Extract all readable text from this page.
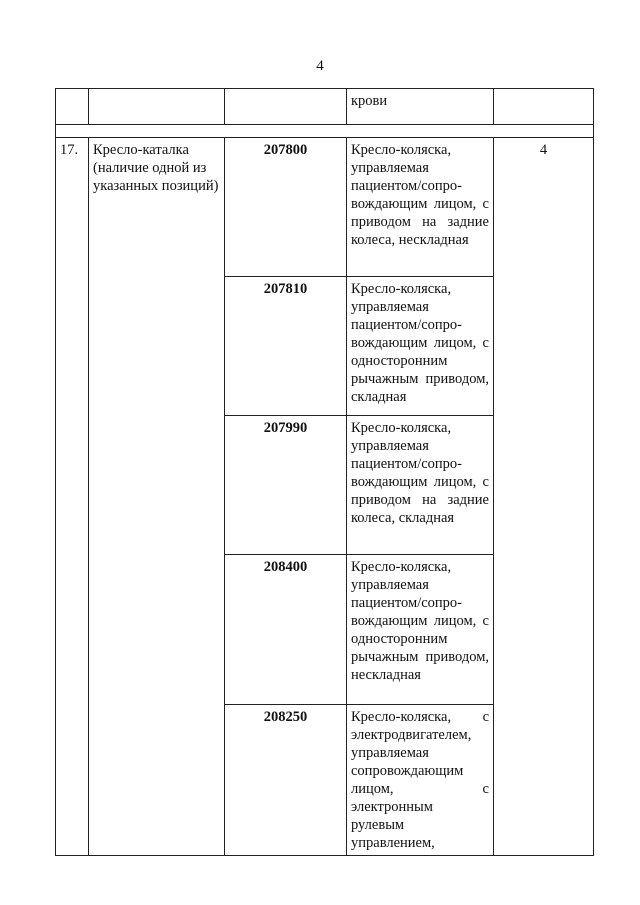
4
			крови	

17.	Кресло-каталка (наличие одной из указанных позиций)	207800	Кресло-коляска, управляемая пациентом/сопро-вождающим лицом, с приводом на задние колеса, нескладная	4
		207810	Кресло-коляска, управляемая пациентом/сопро-вождающим лицом, с односторонним рычажным приводом, складная	
		207990	Кресло-коляска, управляемая пациентом/сопро-вождающим лицом, с приводом на задние колеса, складная	
		208400	Кресло-коляска, управляемая пациентом/сопро-вождающим лицом, с односторонним рычажным приводом, нескладная	
		208250	Кресло-коляска, с электродвигателем, управляемая сопровождающим лицом, с электронным рулевым управлением,	
